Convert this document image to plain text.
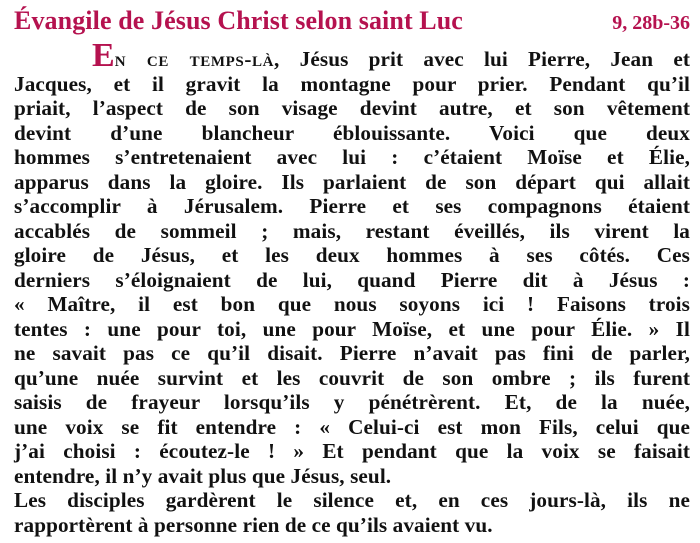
Évangile de Jésus Christ selon saint Luc	9, 28b-36
En ce temps-là, Jésus prit avec lui Pierre, Jean et
Jacques, et il gravit la montagne pour prier. Pendant qu’il
priait, l’aspect de son visage devint autre, et son vêtement
devint d’une blancheur éblouissante. Voici que deux
hommes s’entretenaient avec lui : c’étaient Moïse et Élie,
apparus dans la gloire. Ils parlaient de son départ qui allait
s’accomplir à Jérusalem. Pierre et ses compagnons étaient
accablés de sommeil ; mais, restant éveillés, ils virent la
gloire de Jésus, et les deux hommes à ses côtés. Ces
derniers s’éloignaient de lui, quand Pierre dit à Jésus :
« Maître, il est bon que nous soyons ici ! Faisons trois
tentes : une pour toi, une pour Moïse, et une pour Élie. » Il
ne savait pas ce qu’il disait. Pierre n’avait pas fini de parler,
qu’une nuée survint et les couvrit de son ombre ; ils furent
saisis de frayeur lorsqu’ils y pénétrèrent. Et, de la nuée,
une voix se fit entendre : « Celui-ci est mon Fils, celui que
j’ai choisi : écoutez-le ! » Et pendant que la voix se faisait
entendre, il n’y avait plus que Jésus, seul.
Les disciples gardèrent le silence et, en ces jours-là, ils ne
rapportèrent à personne rien de ce qu’ils avaient vu.
